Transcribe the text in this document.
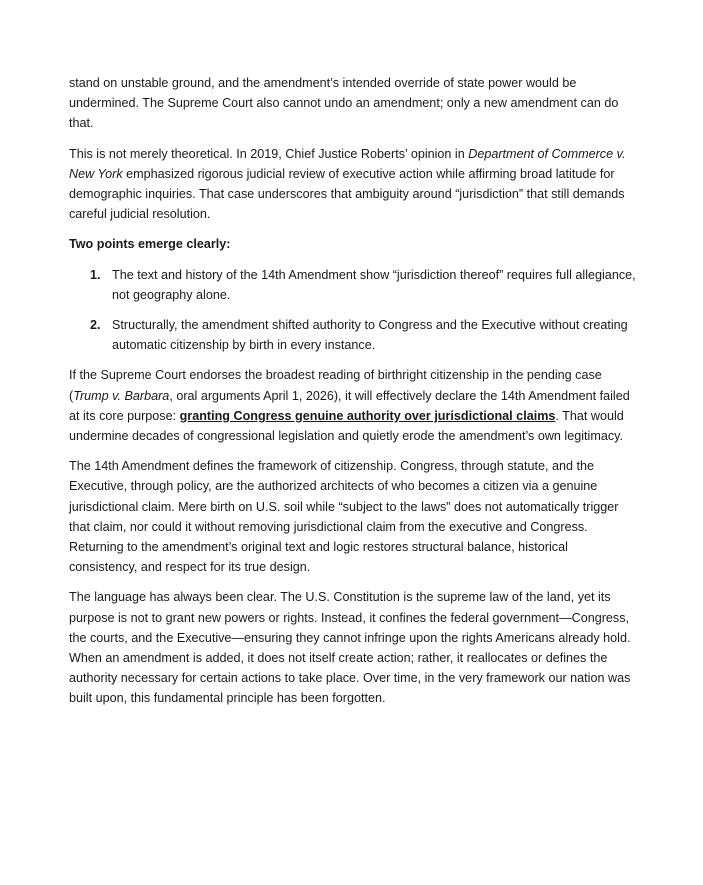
stand on unstable ground, and the amendment’s intended override of state power would be undermined. The Supreme Court also cannot undo an amendment; only a new amendment can do that.

This is not merely theoretical. In 2019, Chief Justice Roberts’ opinion in Department of Commerce v. New York emphasized rigorous judicial review of executive action while affirming broad latitude for demographic inquiries. That case underscores that ambiguity around “jurisdiction” that still demands careful judicial resolution.

Two points emerge clearly:

1. The text and history of the 14th Amendment show “jurisdiction thereof” requires full allegiance, not geography alone.
2. Structurally, the amendment shifted authority to Congress and the Executive without creating automatic citizenship by birth in every instance.

If the Supreme Court endorses the broadest reading of birthright citizenship in the pending case (Trump v. Barbara, oral arguments April 1, 2026), it will effectively declare the 14th Amendment failed at its core purpose: granting Congress genuine authority over jurisdictional claims. That would undermine decades of congressional legislation and quietly erode the amendment’s own legitimacy.

The 14th Amendment defines the framework of citizenship. Congress, through statute, and the Executive, through policy, are the authorized architects of who becomes a citizen via a genuine jurisdictional claim. Mere birth on U.S. soil while “subject to the laws” does not automatically trigger that claim, nor could it without removing jurisdictional claim from the executive and Congress. Returning to the amendment’s original text and logic restores structural balance, historical consistency, and respect for its true design.

The language has always been clear. The U.S. Constitution is the supreme law of the land, yet its purpose is not to grant new powers or rights. Instead, it confines the federal government—Congress, the courts, and the Executive—ensuring they cannot infringe upon the rights Americans already hold. When an amendment is added, it does not itself create action; rather, it reallocates or defines the authority necessary for certain actions to take place. Over time, in the very framework our nation was built upon, this fundamental principle has been forgotten.
